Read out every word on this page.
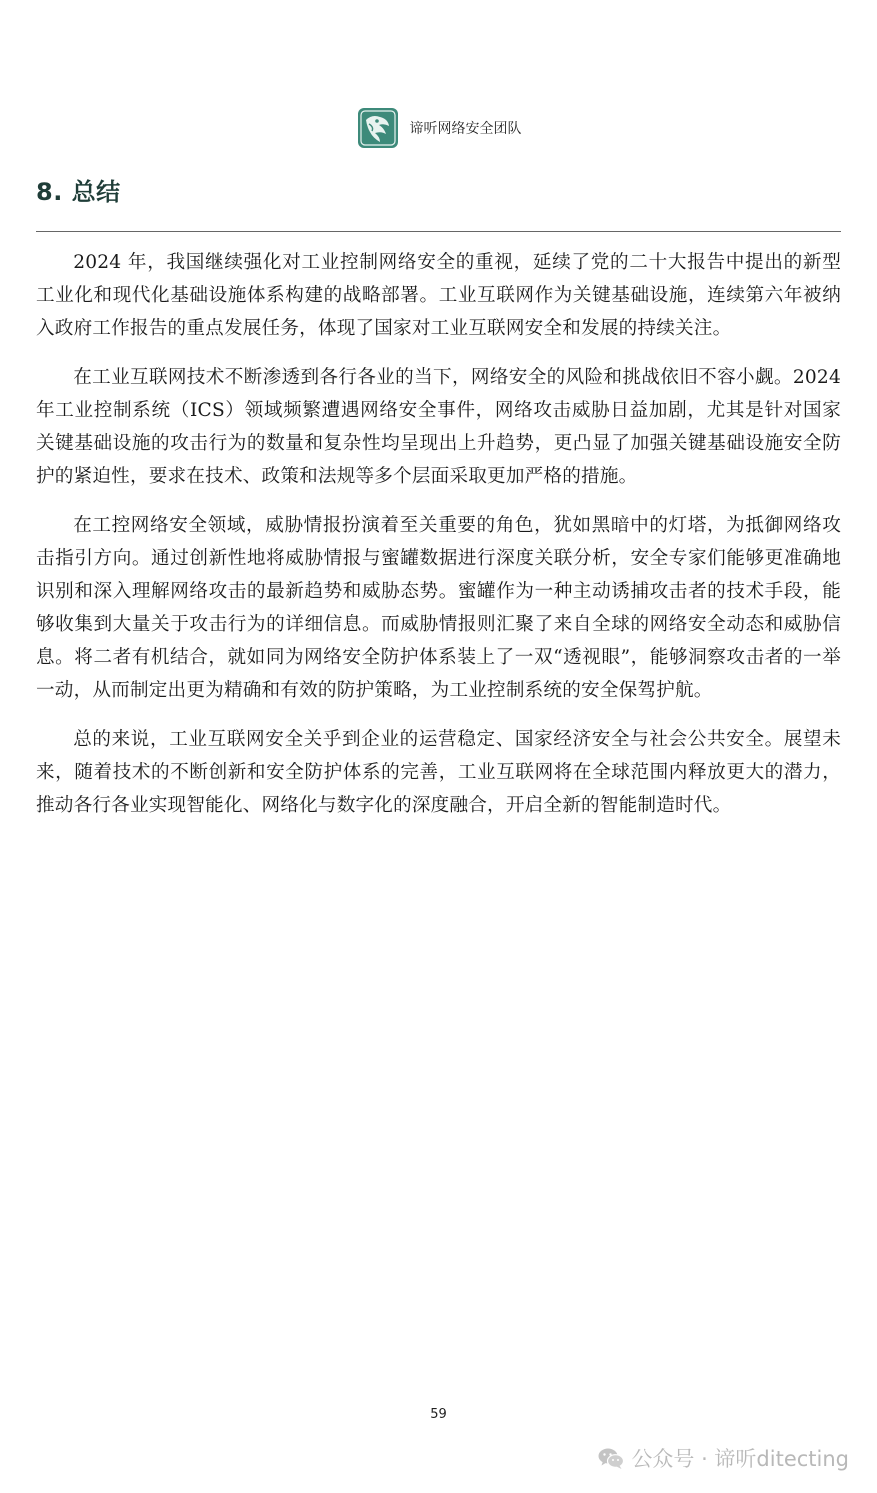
谛听网络安全团队
8. 总结

2024 年，我国继续强化对工业控制网络安全的重视，延续了党的二十大报告中提出的新型工业化和现代化基础设施体系构建的战略部署。工业互联网作为关键基础设施，连续第六年被纳入政府工作报告的重点发展任务，体现了国家对工业互联网安全和发展的持续关注。

在工业互联网技术不断渗透到各行各业的当下，网络安全的风险和挑战依旧不容小觑。2024 年工业控制系统（ICS）领域频繁遭遇网络安全事件，网络攻击威胁日益加剧，尤其是针对国家关键基础设施的攻击行为的数量和复杂性均呈现出上升趋势，更凸显了加强关键基础设施安全防护的紧迫性，要求在技术、政策和法规等多个层面采取更加严格的措施。

在工控网络安全领域，威胁情报扮演着至关重要的角色，犹如黑暗中的灯塔，为抵御网络攻击指引方向。通过创新性地将威胁情报与蜜罐数据进行深度关联分析，安全专家们能够更准确地识别和深入理解网络攻击的最新趋势和威胁态势。蜜罐作为一种主动诱捕攻击者的技术手段，能够收集到大量关于攻击行为的详细信息。而威胁情报则汇聚了来自全球的网络安全动态和威胁信息。将二者有机结合，就如同为网络安全防护体系装上了一双“透视眼”，能够洞察攻击者的一举一动，从而制定出更为精确和有效的防护策略，为工业控制系统的安全保驾护航。

总的来说，工业互联网安全关乎到企业的运营稳定、国家经济安全与社会公共安全。展望未来，随着技术的不断创新和安全防护体系的完善，工业互联网将在全球范围内释放更大的潜力，推动各行各业实现智能化、网络化与数字化的深度融合，开启全新的智能制造时代。

59
公众号 · 谛听ditecting
